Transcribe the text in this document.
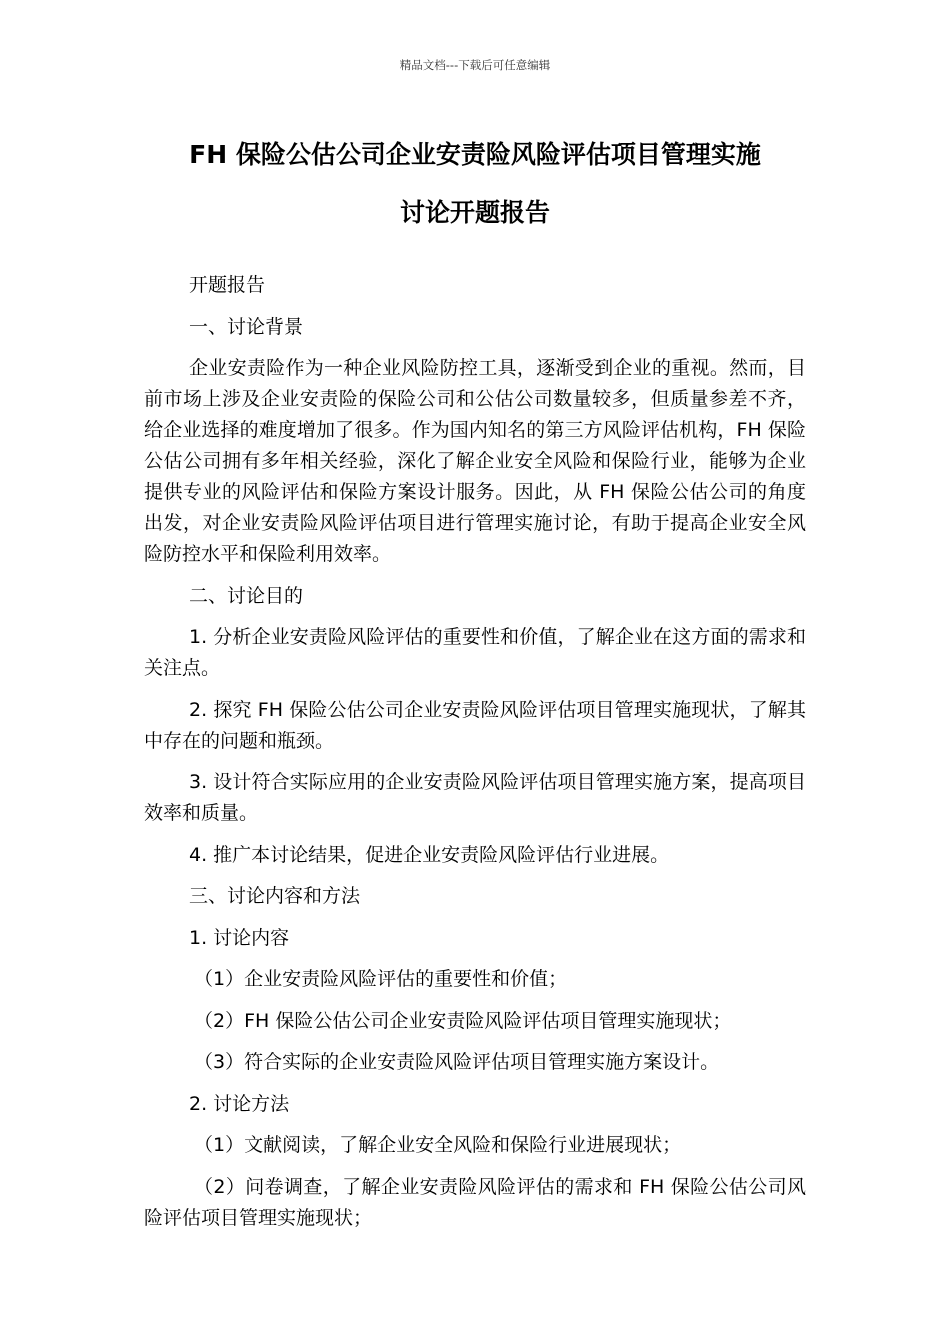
精品文档---下载后可任意编辑
FH 保险公估公司企业安责险风险评估项目管理实施
讨论开题报告

开题报告

一、讨论背景

企业安责险作为一种企业风险防控工具，逐渐受到企业的重视。然而，目前市场上涉及企业安责险的保险公司和公估公司数量较多，但质量参差不齐，给企业选择的难度增加了很多。作为国内知名的第三方风险评估机构，FH 保险公估公司拥有多年相关经验，深化了解企业安全风险和保险行业，能够为企业提供专业的风险评估和保险方案设计服务。因此，从 FH 保险公估公司的角度出发，对企业安责险风险评估项目进行管理实施讨论，有助于提高企业安全风险防控水平和保险利用效率。

二、讨论目的

1. 分析企业安责险风险评估的重要性和价值，了解企业在这方面的需求和关注点。

2. 探究 FH 保险公估公司企业安责险风险评估项目管理实施现状，了解其中存在的问题和瓶颈。

3. 设计符合实际应用的企业安责险风险评估项目管理实施方案，提高项目效率和质量。

4. 推广本讨论结果，促进企业安责险风险评估行业进展。

三、讨论内容和方法

1. 讨论内容

（1）企业安责险风险评估的重要性和价值；

（2）FH 保险公估公司企业安责险风险评估项目管理实施现状；

（3）符合实际的企业安责险风险评估项目管理实施方案设计。

2. 讨论方法

（1）文献阅读，了解企业安全风险和保险行业进展现状；

（2）问卷调查，了解企业安责险风险评估的需求和 FH 保险公估公司风险评估项目管理实施现状；
